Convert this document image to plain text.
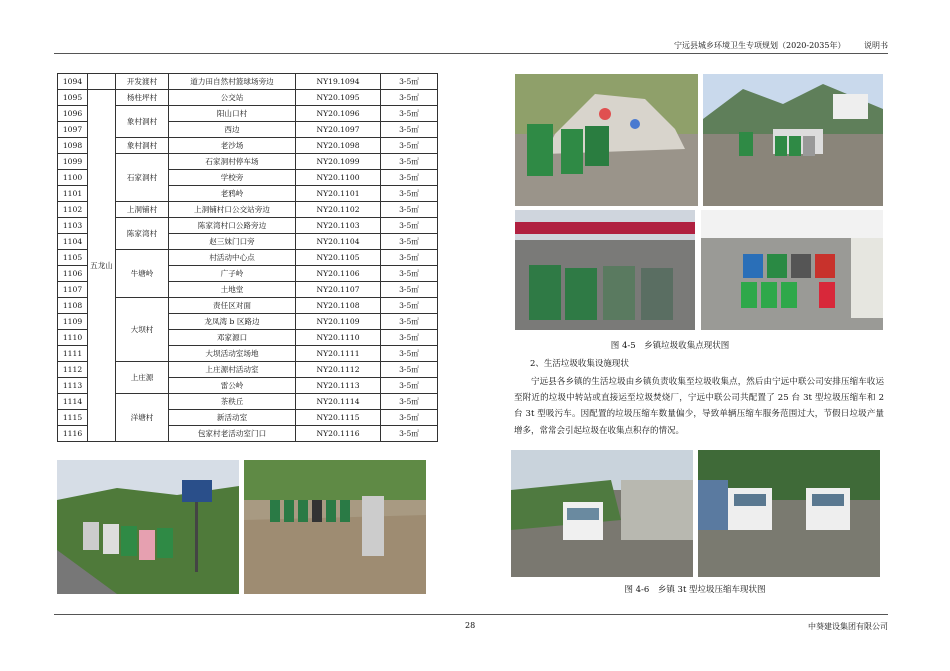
宁远县城乡环境卫生专项规划（2020-2035年） 说明书
1094		开发渡村	道力田自然村篮球场旁边	NY19.1094	3-5㎡
1095	五龙山	杨柱坪村	公交站	NY20.1095	3-5㎡
1096		象村洞村	阳山口村	NY20.1096	3-5㎡
1097			西边	NY20.1097	3-5㎡
1098		象村洞村	老沙场	NY20.1098	3-5㎡
1099		石家洞村	石家洞村停车场	NY20.1099	3-5㎡
1100			学校旁	NY20.1100	3-5㎡
1101			老鸦岭	NY20.1101	3-5㎡
1102		上洞铺村	上洞铺村口公交站旁边	NY20.1102	3-5㎡
1103		陈家湾村	陈家湾村口公路旁边	NY20.1103	3-5㎡
1104			赵三妹门口旁	NY20.1104	3-5㎡
1105		牛塘岭	村活动中心点	NY20.1105	3-5㎡
1106			广子岭	NY20.1106	3-5㎡
1107			土地堂	NY20.1107	3-5㎡
1108		大坝村	责任区对面	NY20.1108	3-5㎡
1109			龙凤湾 b 区路边	NY20.1109	3-5㎡
1110			邓家源口	NY20.1110	3-5㎡
1111			大坝活动室场地	NY20.1111	3-5㎡
1112		上庄源	上庄源村活动室	NY20.1112	3-5㎡
1113			雷公岭	NY20.1113	3-5㎡
1114		洋塘村	茶秩丘	NY20.1114	3-5㎡
1115			新活动室	NY20.1115	3-5㎡
1116			包家村老活动室门口	NY20.1116	3-5㎡
图 4-5　乡镇垃圾收集点现状图
2、生活垃圾收集设施现状
宁远县各乡镇的生活垃圾由乡镇负责收集至垃圾收集点，然后由宁远中联公司安排压缩车收运至附近的垃圾中转站或直接运至垃圾焚烧厂，宁远中联公司共配置了 25 台 3t 型垃圾压缩车和 2 台 3t 型吸污车。因配置的垃圾压缩车数量偏少，导致单辆压缩车服务范围过大，节假日垃圾产量增多，常常会引起垃圾在收集点积存的情况。
图 4-6　乡镇 3t 型垃圾压缩车现状图
28	中葵建设集团有限公司
